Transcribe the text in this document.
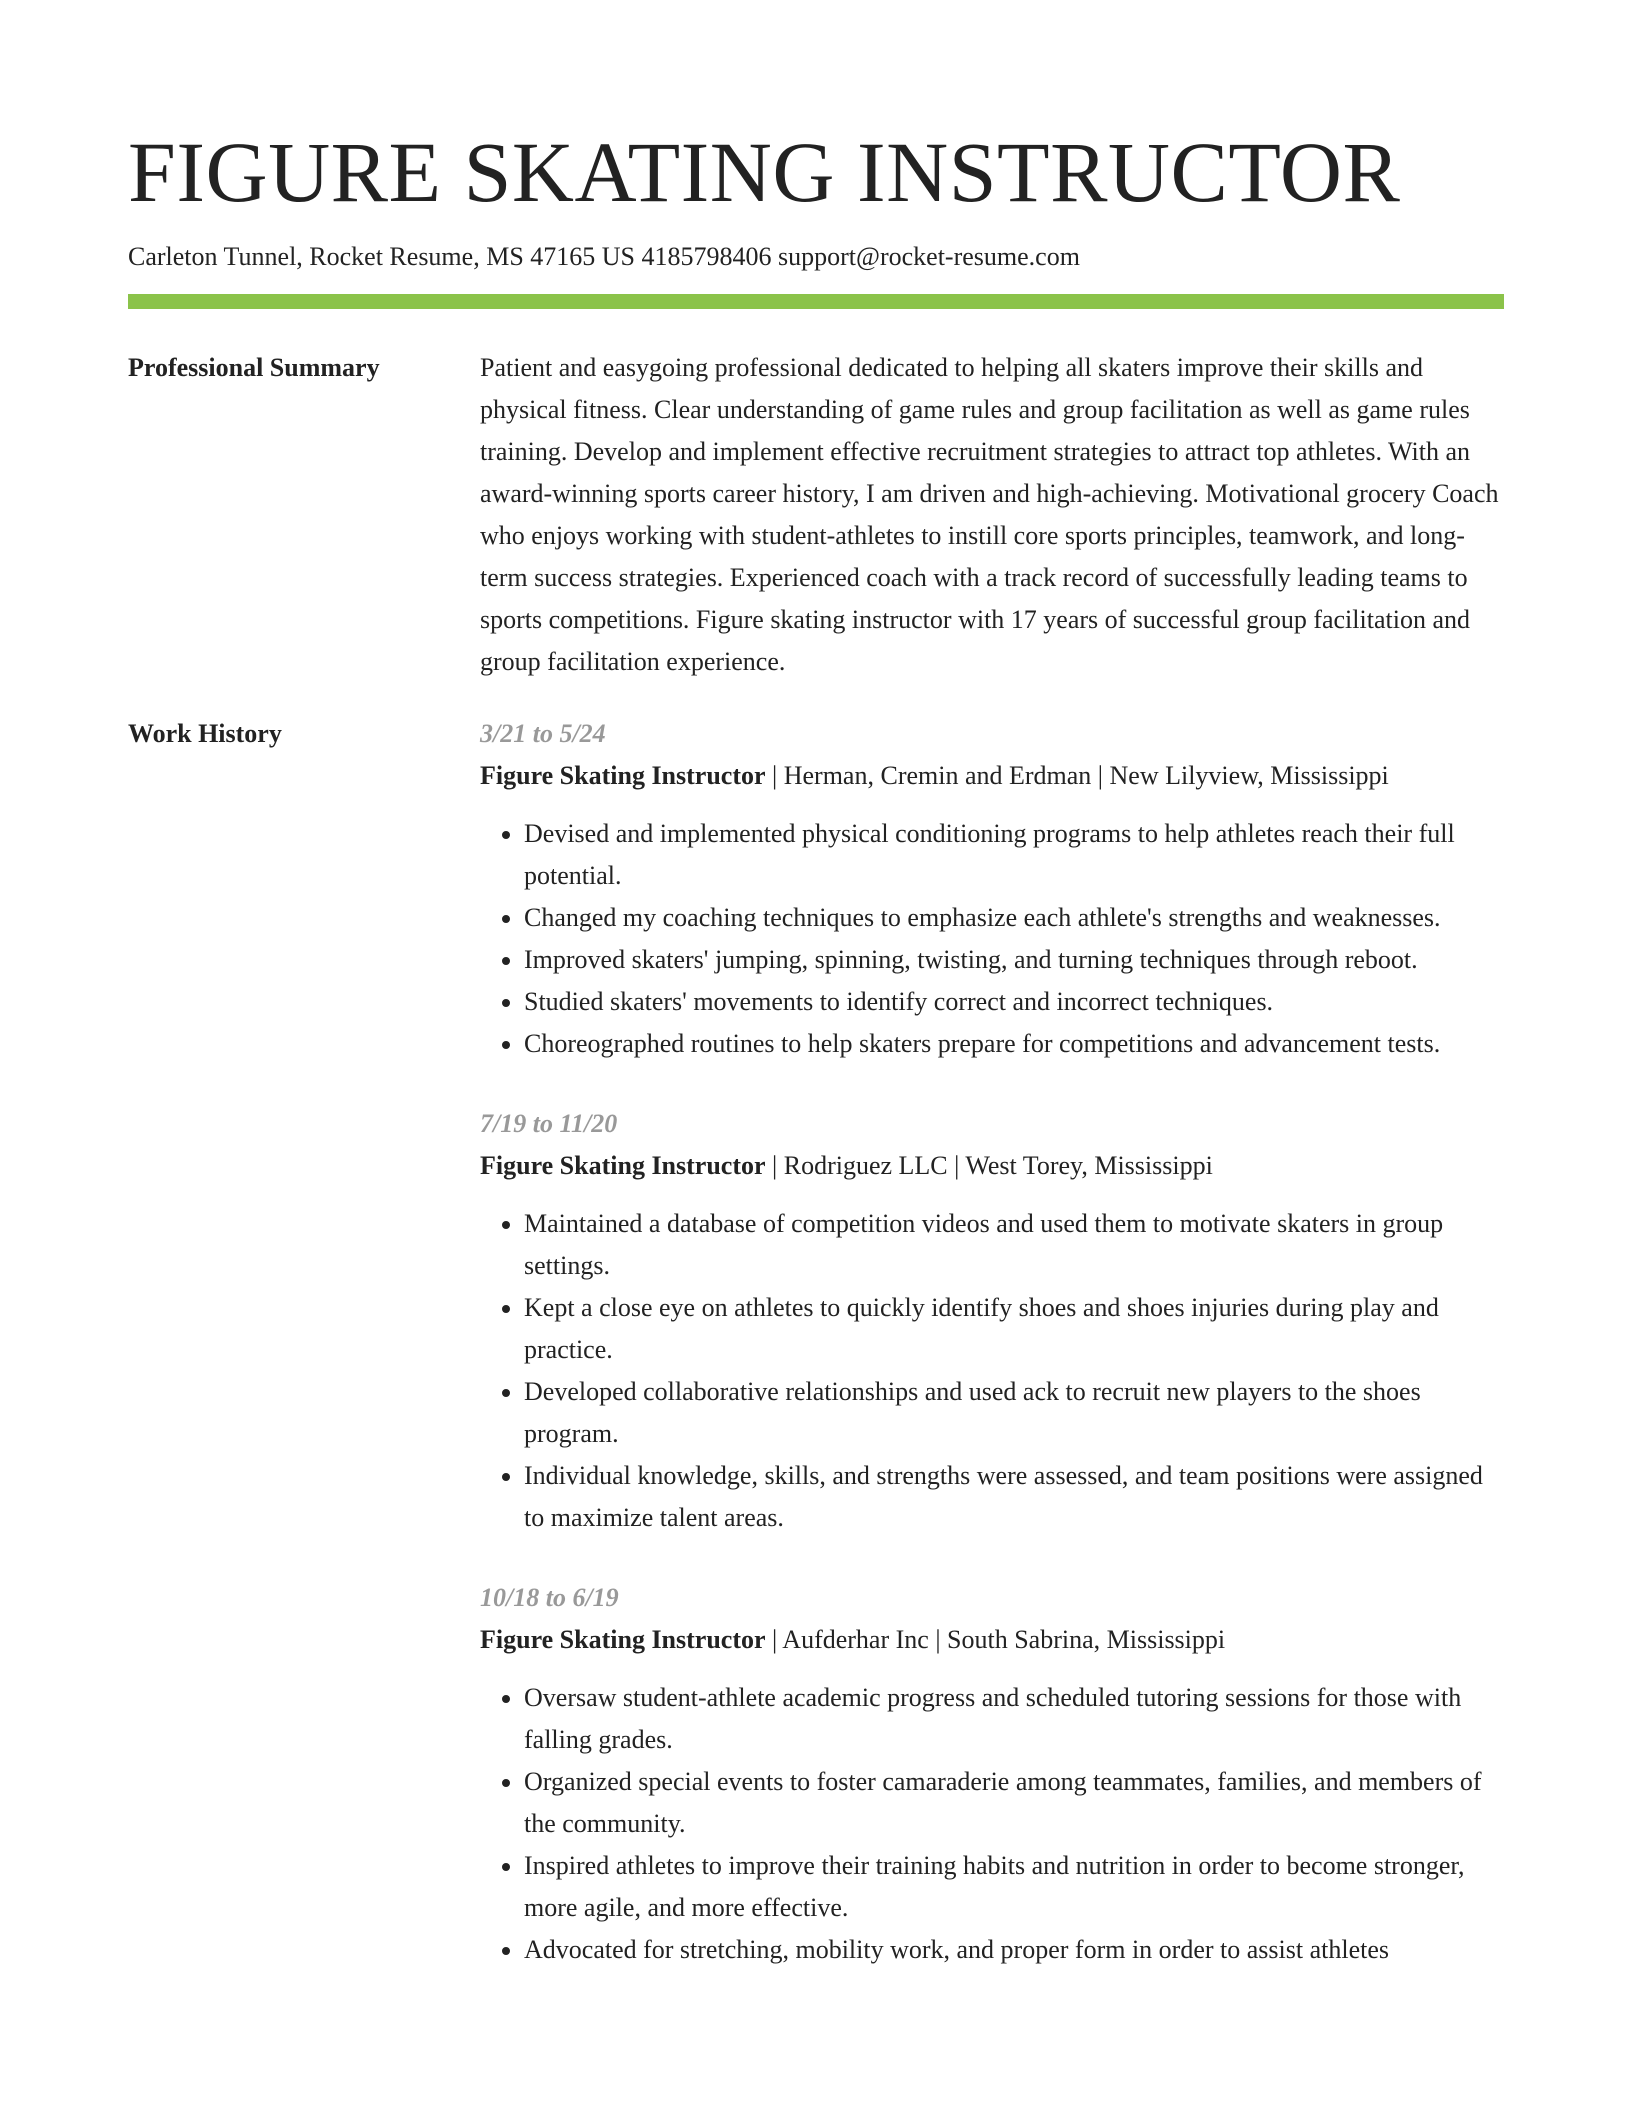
FIGURE SKATING INSTRUCTOR
Carleton Tunnel, Rocket Resume, MS 47165 US 4185798406 support@rocket-resume.com
Professional Summary	Patient and easygoing professional dedicated to helping all skaters improve their skills and physical fitness. Clear understanding of game rules and group facilitation as well as game rules training. Develop and implement effective recruitment strategies to attract top athletes. With an award-winning sports career history, I am driven and high-achieving. Motivational grocery Coach who enjoys working with student-athletes to instill core sports principles, teamwork, and long-term success strategies. Experienced coach with a track record of successfully leading teams to sports competitions. Figure skating instructor with 17 years of successful group facilitation and group facilitation experience.

Work History	3/21 to 5/24
Figure Skating Instructor | Herman, Cremin and Erdman | New Lilyview, Mississippi
• Devised and implemented physical conditioning programs to help athletes reach their full potential.
• Changed my coaching techniques to emphasize each athlete's strengths and weaknesses.
• Improved skaters' jumping, spinning, twisting, and turning techniques through reboot.
• Studied skaters' movements to identify correct and incorrect techniques.
• Choreographed routines to help skaters prepare for competitions and advancement tests.
7/19 to 11/20
Figure Skating Instructor | Rodriguez LLC | West Torey, Mississippi
• Maintained a database of competition videos and used them to motivate skaters in group settings.
• Kept a close eye on athletes to quickly identify shoes and shoes injuries during play and practice.
• Developed collaborative relationships and used ack to recruit new players to the shoes program.
• Individual knowledge, skills, and strengths were assessed, and team positions were assigned to maximize talent areas.
10/18 to 6/19
Figure Skating Instructor | Aufderhar Inc | South Sabrina, Mississippi
• Oversaw student-athlete academic progress and scheduled tutoring sessions for those with falling grades.
• Organized special events to foster camaraderie among teammates, families, and members of the community.
• Inspired athletes to improve their training habits and nutrition in order to become stronger, more agile, and more effective.
• Advocated for stretching, mobility work, and proper form in order to assist athletes
